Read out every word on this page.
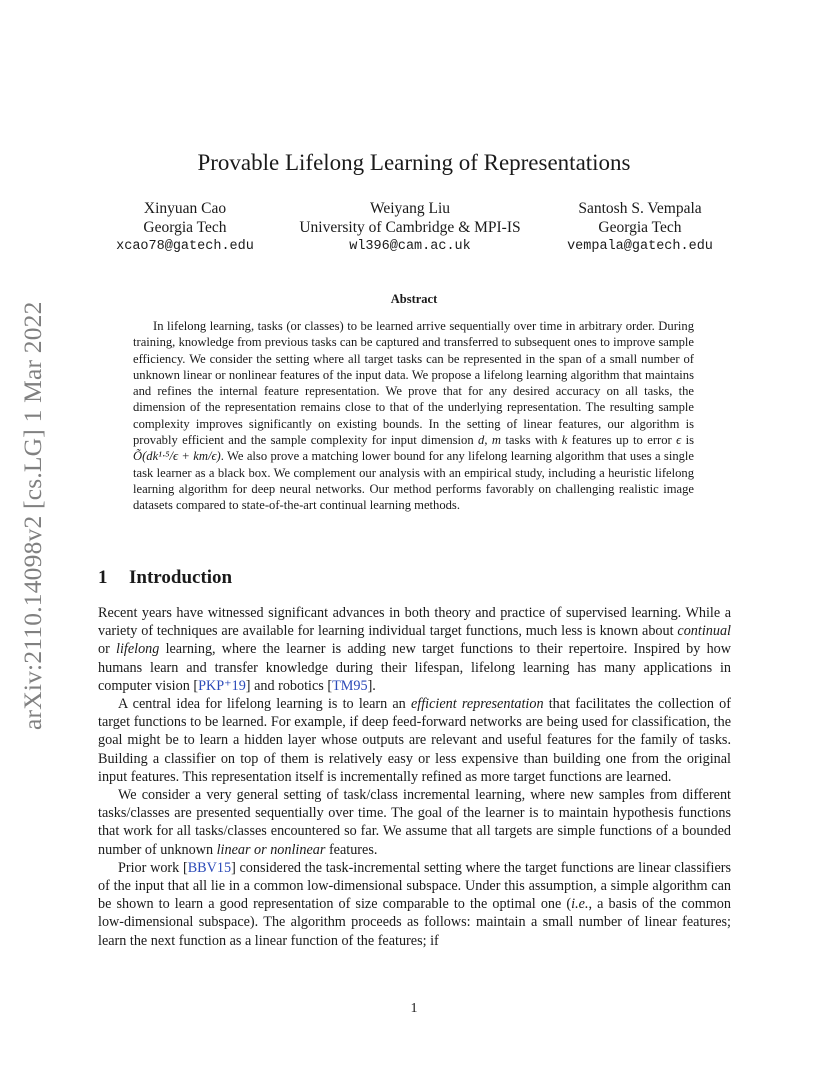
arXiv:2110.14098v2 [cs.LG] 1 Mar 2022
Provable Lifelong Learning of Representations
Xinyuan Cao
Georgia Tech
xcao78@gatech.edu
Weiyang Liu
University of Cambridge & MPI-IS
wl396@cam.ac.uk
Santosh S. Vempala
Georgia Tech
vempala@gatech.edu
Abstract

In lifelong learning, tasks (or classes) to be learned arrive sequentially over time in arbitrary order. During training, knowledge from previous tasks can be captured and transferred to subsequent ones to improve sample efficiency. We consider the setting where all target tasks can be represented in the span of a small number of unknown linear or nonlinear features of the input data. We propose a lifelong learning algorithm that maintains and refines the internal feature representation. We prove that for any desired accuracy on all tasks, the dimension of the representation remains close to that of the underlying representation. The resulting sample complexity improves significantly on existing bounds. In the setting of linear features, our algorithm is provably efficient and the sample complexity for input dimension d, m tasks with k features up to error ϵ is Õ(dk¹·⁵/ϵ + km/ϵ). We also prove a matching lower bound for any lifelong learning algorithm that uses a single task learner as a black box. We complement our analysis with an empirical study, including a heuristic lifelong learning algorithm for deep neural networks. Our method performs favorably on challenging realistic image datasets compared to state-of-the-art continual learning methods.

1 Introduction

Recent years have witnessed significant advances in both theory and practice of supervised learning. While a variety of techniques are available for learning individual target functions, much less is known about continual or lifelong learning, where the learner is adding new target functions to their repertoire. Inspired by how humans learn and transfer knowledge during their lifespan, lifelong learning has many applications in computer vision [PKP⁺19] and robotics [TM95].

A central idea for lifelong learning is to learn an efficient representation that facilitates the collection of target functions to be learned. For example, if deep feed-forward networks are being used for classification, the goal might be to learn a hidden layer whose outputs are relevant and useful features for the family of tasks. Building a classifier on top of them is relatively easy or less expensive than building one from the original input features. This representation itself is incrementally refined as more target functions are learned.

We consider a very general setting of task/class incremental learning, where new samples from different tasks/classes are presented sequentially over time. The goal of the learner is to maintain hypothesis functions that work for all tasks/classes encountered so far. We assume that all targets are simple functions of a bounded number of unknown linear or nonlinear features.

Prior work [BBV15] considered the task-incremental setting where the target functions are linear classifiers of the input that all lie in a common low-dimensional subspace. Under this assumption, a simple algorithm can be shown to learn a good representation of size comparable to the optimal one (i.e., a basis of the common low-dimensional subspace). The algorithm proceeds as follows: maintain a small number of linear features; learn the next function as a linear function of the features; if

1
